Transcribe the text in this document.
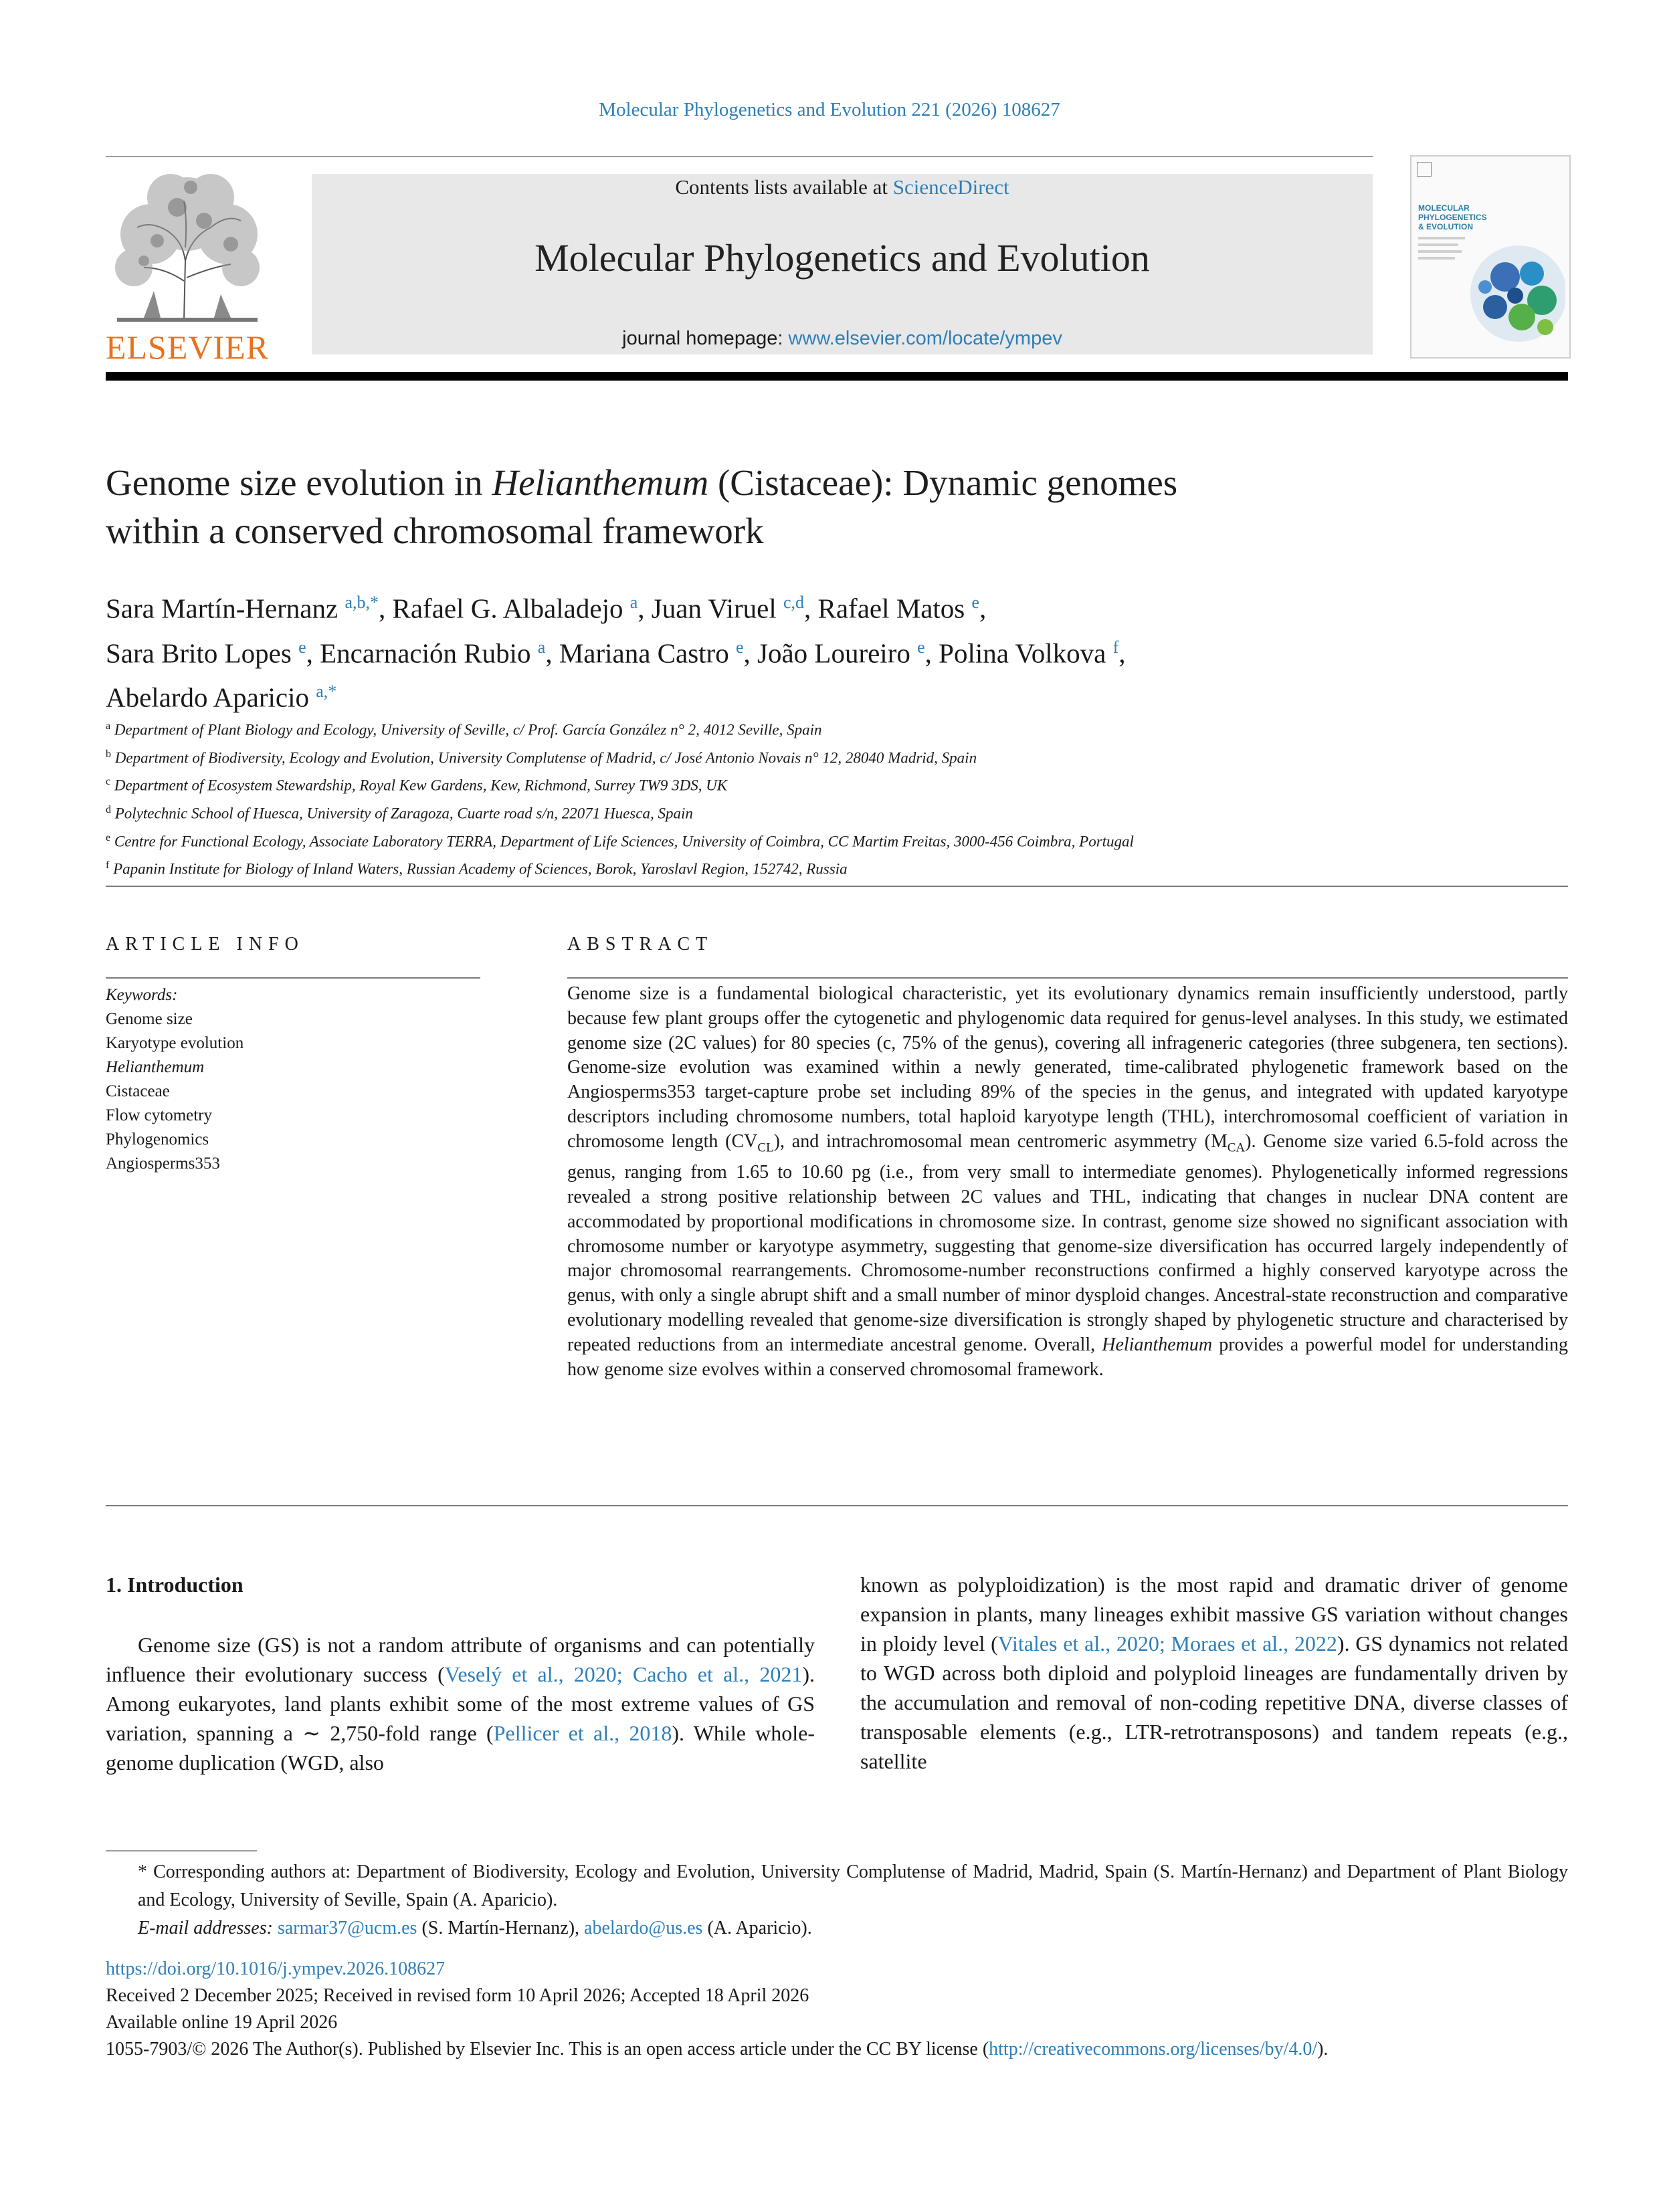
Molecular Phylogenetics and Evolution 221 (2026) 108627
ELSEVIER
Contents lists available at ScienceDirect
Molecular Phylogenetics and Evolution
journal homepage: www.elsevier.com/locate/ympev
MOLECULAR
PHYLOGENETICS
& EVOLUTION
Genome size evolution in Helianthemum (Cistaceae): Dynamic genomes
within a conserved chromosomal framework
Sara Martín-Hernanz $^{a,b,*}$, Rafael G. Albaladejo $^a$, Juan Viruel $^{c,d}$, Rafael Matos $^e$,
Sara Brito Lopes $^e$, Encarnación Rubio $^a$, Mariana Castro $^e$, João Loureiro $^e$, Polina Volkova $^f$,
Abelardo Aparicio $^{a,*}$
$^a$ Department of Plant Biology and Ecology, University of Seville, c/ Prof. García González n° 2, 4012 Seville, Spain
$^b$ Department of Biodiversity, Ecology and Evolution, University Complutense of Madrid, c/ José Antonio Novais n° 12, 28040 Madrid, Spain
$^c$ Department of Ecosystem Stewardship, Royal Kew Gardens, Kew, Richmond, Surrey TW9 3DS, UK
$^d$ Polytechnic School of Huesca, University of Zaragoza, Cuarte road s/n, 22071 Huesca, Spain
$^e$ Centre for Functional Ecology, Associate Laboratory TERRA, Department of Life Sciences, University of Coimbra, CC Martim Freitas, 3000-456 Coimbra, Portugal
$^f$ Papanin Institute for Biology of Inland Waters, Russian Academy of Sciences, Borok, Yaroslavl Region, 152742, Russia
ARTICLE INFO
Keywords:
Genome size
Karyotype evolution
Helianthemum
Cistaceae
Flow cytometry
Phylogenomics
Angiosperms353
ABSTRACT
Genome size is a fundamental biological characteristic, yet its evolutionary dynamics remain insufficiently understood, partly because few plant groups offer the cytogenetic and phylogenomic data required for genus-level analyses. In this study, we estimated genome size (2C values) for 80 species (c, 75% of the genus), covering all infrageneric categories (three subgenera, ten sections). Genome-size evolution was examined within a newly generated, time-calibrated phylogenetic framework based on the Angiosperms353 target-capture probe set including 89% of the species in the genus, and integrated with updated karyotype descriptors including chromosome numbers, total haploid karyotype length (THL), interchromosomal coefficient of variation in chromosome length $(CV_{CL})$, and intrachromosomal mean centromeric asymmetry $(M_{CA})$. Genome size varied 6.5-fold across the genus, ranging from 1.65 to 10.60 pg (i.e., from very small to intermediate genomes). Phylogenetically informed regressions revealed a strong positive relationship between 2C values and THL, indicating that changes in nuclear DNA content are accommodated by proportional modifications in chromosome size. In contrast, genome size showed no significant association with chromosome number or karyotype asymmetry, suggesting that genome-size diversification has occurred largely independently of major chromosomal rearrangements. Chromosome-number reconstructions confirmed a highly conserved karyotype across the genus, with only a single abrupt shift and a small number of minor dysploid changes. Ancestral-state reconstruction and comparative evolutionary modelling revealed that genome-size diversification is strongly shaped by phylogenetic structure and characterised by repeated reductions from an intermediate ancestral genome. Overall, Helianthemum provides a powerful model for understanding how genome size evolves within a conserved chromosomal framework.
1. Introduction
Genome size (GS) is not a random attribute of organisms and can potentially influence their evolutionary success (Veselý et al., 2020; Cacho et al., 2021). Among eukaryotes, land plants exhibit some of the most extreme values of GS variation, spanning a ∼ 2,750-fold range (Pellicer et al., 2018). While whole-genome duplication (WGD, also
known as polyploidization) is the most rapid and dramatic driver of genome expansion in plants, many lineages exhibit massive GS variation without changes in ploidy level (Vitales et al., 2020; Moraes et al., 2022). GS dynamics not related to WGD across both diploid and polyploid lineages are fundamentally driven by the accumulation and removal of non-coding repetitive DNA, diverse classes of transposable elements (e.g., LTR-retrotransposons) and tandem repeats (e.g., satellite
* Corresponding authors at: Department of Biodiversity, Ecology and Evolution, University Complutense of Madrid, Madrid, Spain (S. Martín-Hernanz) and Department of Plant Biology and Ecology, University of Seville, Spain (A. Aparicio).
E-mail addresses: sarmar37@ucm.es (S. Martín-Hernanz), abelardo@us.es (A. Aparicio).
https://doi.org/10.1016/j.ympev.2026.108627
Received 2 December 2025; Received in revised form 10 April 2026; Accepted 18 April 2026
Available online 19 April 2026
1055-7903/© 2026 The Author(s). Published by Elsevier Inc. This is an open access article under the CC BY license (http://creativecommons.org/licenses/by/4.0/).
